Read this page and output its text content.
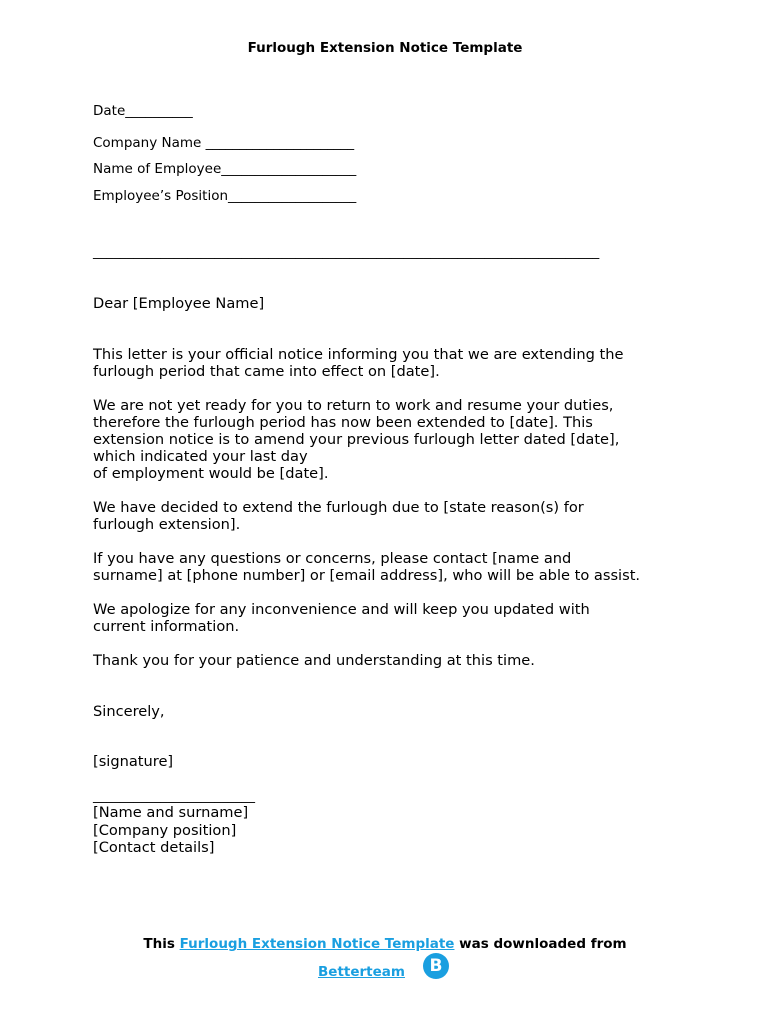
Furlough Extension Notice Template
Date__________
Company Name ______________________
Name of Employee____________________
Employee’s Position___________________
___________________________________________________________________________
Dear [Employee Name]
This letter is your official notice informing you that we are extending the
furlough period that came into effect on [date].
We are not yet ready for you to return to work and resume your duties,
therefore the furlough period has now been extended to [date]. This
extension notice is to amend your previous furlough letter dated [date],
which indicated your last day
of employment would be [date].
We have decided to extend the furlough due to [state reason(s) for
furlough extension].
If you have any questions or concerns, please contact [name and
surname] at [phone number] or [email address], who will be able to assist.
We apologize for any inconvenience and will keep you updated with
current information.
Thank you for your patience and understanding at this time.
Sincerely,
[signature]
________________________
[Name and surname]
[Company position]
[Contact details]
This Furlough Extension Notice Template was downloaded from
Betterteam	B
